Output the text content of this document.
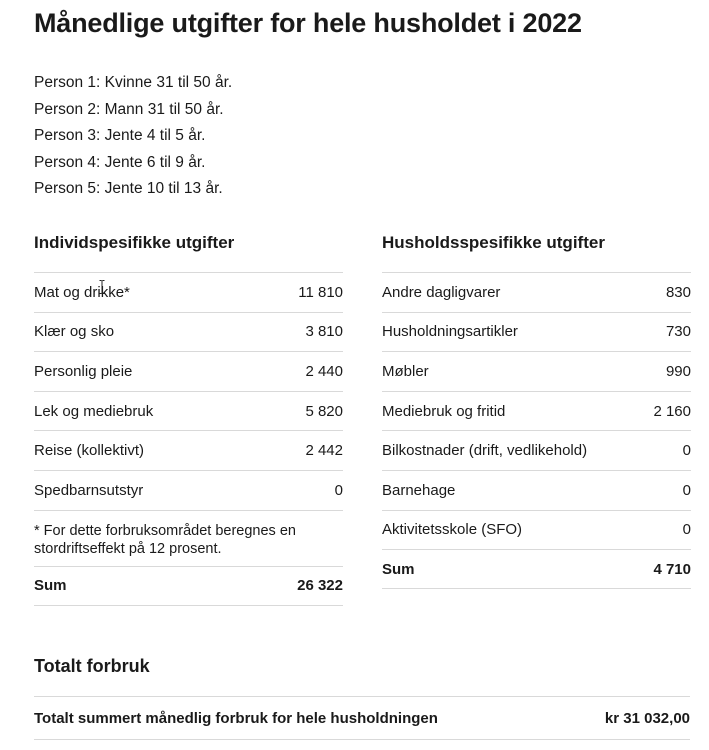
Månedlige utgifter for hele husholdet i 2022
Person 1: Kvinne 31 til 50 år.
Person 2: Mann 31 til 50 år.
Person 3: Jente 4 til 5 år.
Person 4: Jente 6 til 9 år.
Person 5: Jente 10 til 13 år.
Individspesifikke utgifter
Mat og drikke*	11 810
Klær og sko	3 810
Personlig pleie	2 440
Lek og mediebruk	5 820
Reise (kollektivt)	2 442
Spedbarnsutstyr	0
* For dette forbruksområdet beregnes en stordriftseffekt på 12 prosent.
Sum	26 322
Husholdsspesifikke utgifter
Andre dagligvarer	830
Husholdningsartikler	730
Møbler	990
Mediebruk og fritid	2 160
Bilkostnader (drift, vedlikehold)	0
Barnehage	0
Aktivitetsskole (SFO)	0
Sum	4 710
Totalt forbruk
Totalt summert månedlig forbruk for hele husholdningen	kr 31 032,00
